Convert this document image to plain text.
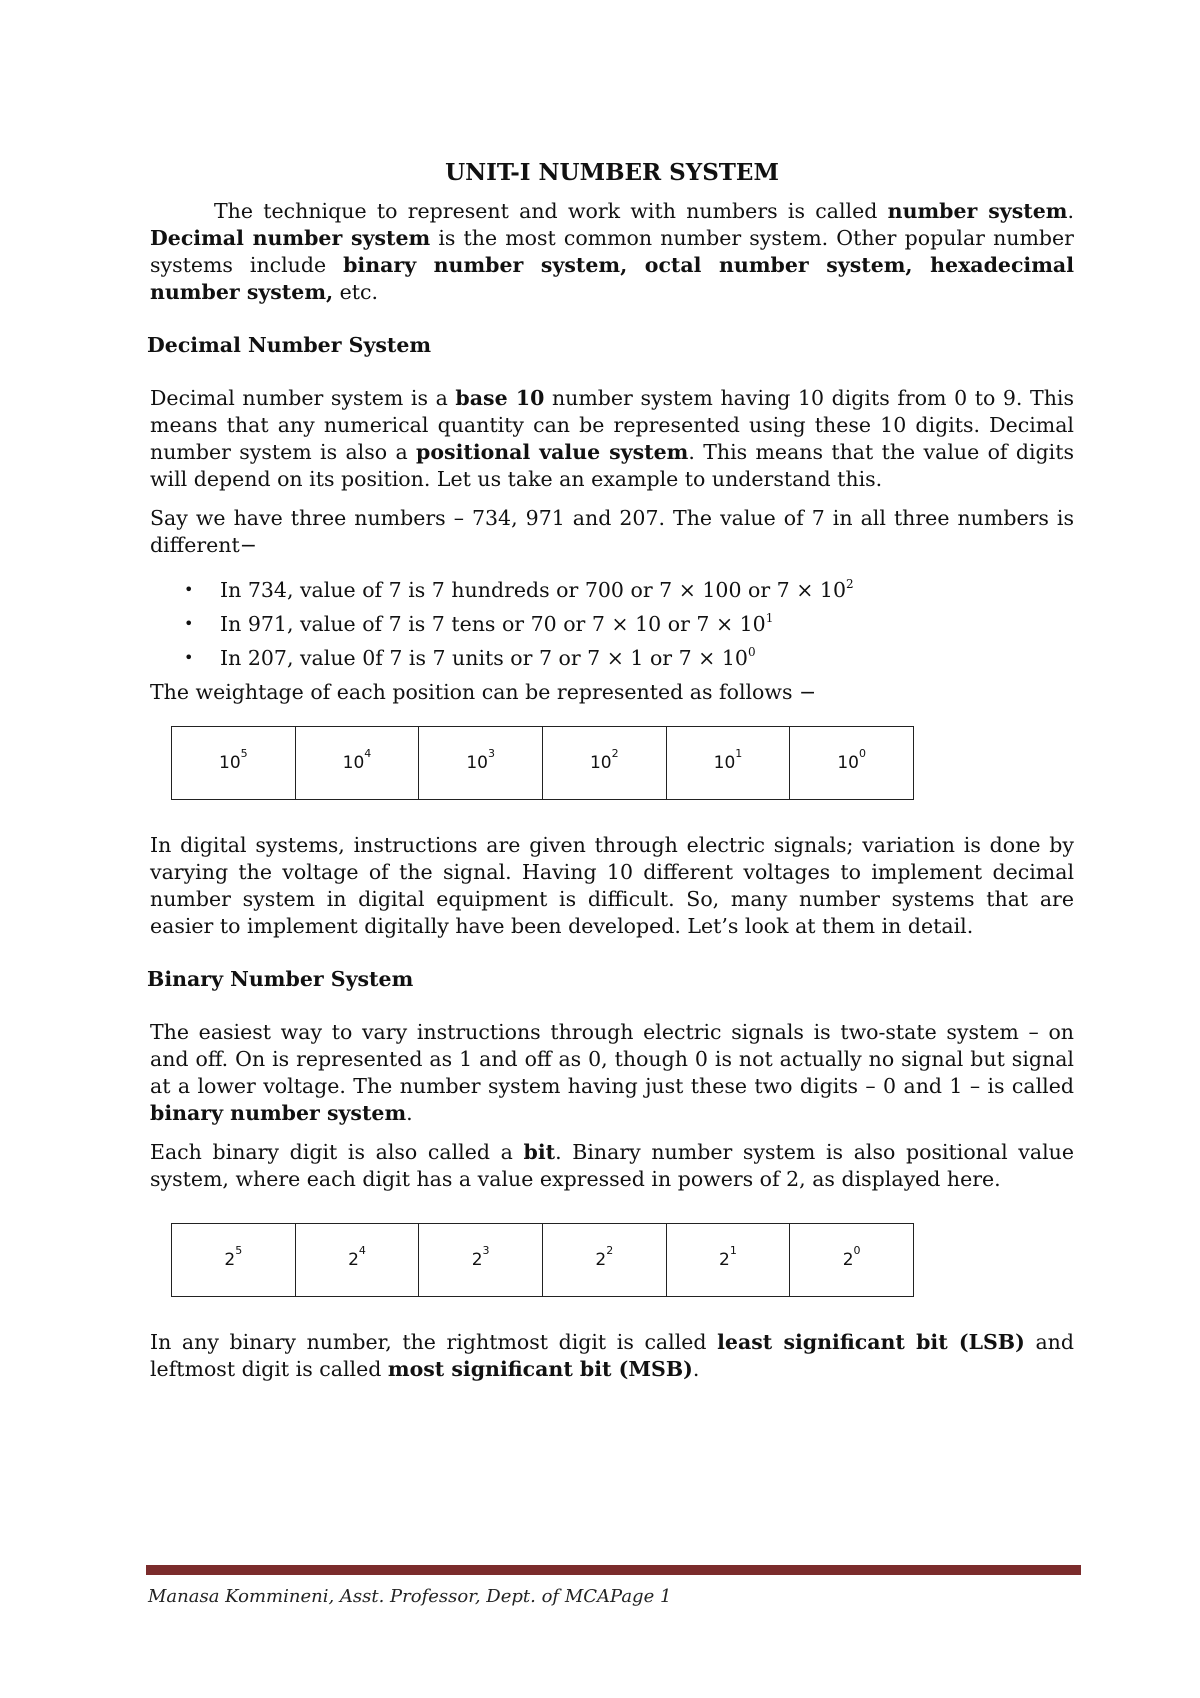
UNIT-I NUMBER SYSTEM

The technique to represent and work with numbers is called number system. Decimal number system is the most common number system. Other popular number systems include binary number system, octal number system, hexadecimal number system, etc.

Decimal Number System

Decimal number system is a base 10 number system having 10 digits from 0 to 9. This means that any numerical quantity can be represented using these 10 digits. Decimal number system is also a positional value system. This means that the value of digits will depend on its position. Let us take an example to understand this.

Say we have three numbers – 734, 971 and 207. The value of 7 in all three numbers is different−

• In 734, value of 7 is 7 hundreds or 700 or 7 × 100 or $7 \times 10^2$
• In 971, value of 7 is 7 tens or 70 or 7 × 10 or $7 \times 10^1$
• In 207, value 0f 7 is 7 units or 7 or 7 × 1 or $7 \times 10^0$

The weightage of each position can be represented as follows −

$10^5$	$10^4$	$10^3$	$10^2$	$10^1$	$10^0$

In digital systems, instructions are given through electric signals; variation is done by varying the voltage of the signal. Having 10 different voltages to implement decimal number system in digital equipment is difficult. So, many number systems that are easier to implement digitally have been developed. Let’s look at them in detail.

Binary Number System

The easiest way to vary instructions through electric signals is two-state system – on and off. On is represented as 1 and off as 0, though 0 is not actually no signal but signal at a lower voltage. The number system having just these two digits – 0 and 1 – is called binary number system.

Each binary digit is also called a bit. Binary number system is also positional value system, where each digit has a value expressed in powers of 2, as displayed here.

$2^5$	$2^4$	$2^3$	$2^2$	$2^1$	$2^0$

In any binary number, the rightmost digit is called least significant bit (LSB) and leftmost digit is called most significant bit (MSB).

Manasa Kommineni, Asst. Professor, Dept. of MCAPage 1
